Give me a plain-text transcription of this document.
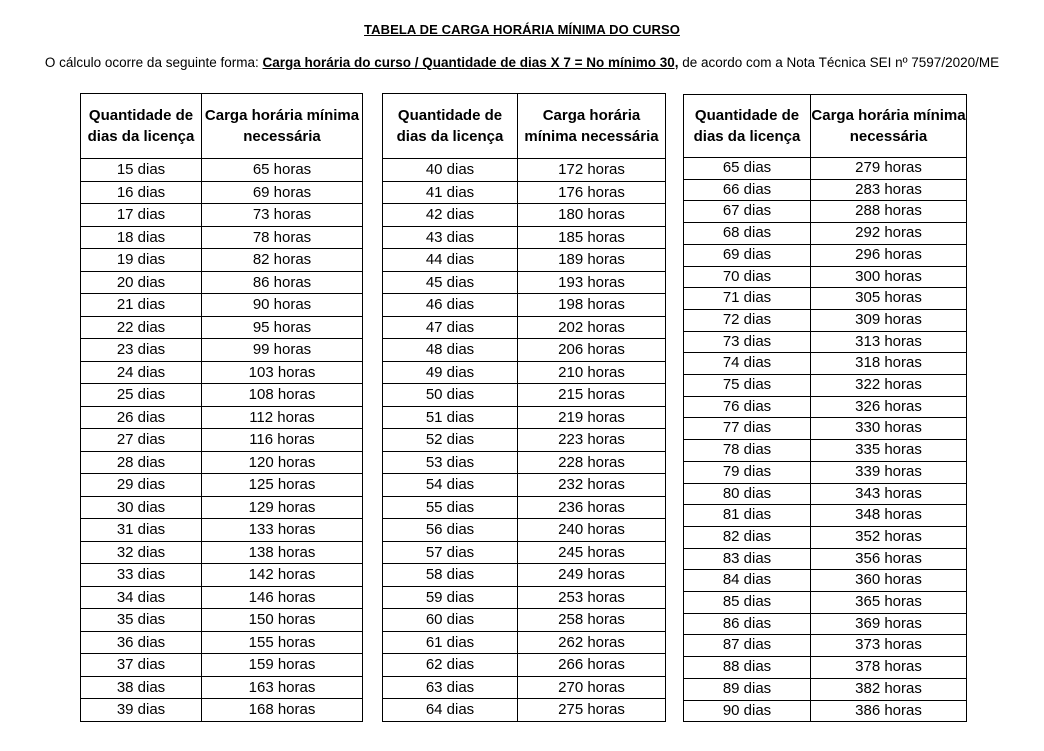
TABELA DE CARGA HORÁRIA MÍNIMA DO CURSO
O cálculo ocorre da seguinte forma: Carga horária do curso / Quantidade de dias X 7 = No mínimo 30, de acordo com a Nota Técnica SEI nº 7597/2020/ME
Quantidade de dias da licença	Carga horária mínima necessária
15 dias	65 horas
16 dias	69 horas
17 dias	73 horas
18 dias	78 horas
19 dias	82 horas
20 dias	86 horas
21 dias	90 horas
22 dias	95 horas
23 dias	99 horas
24 dias	103 horas
25 dias	108 horas
26 dias	112 horas
27 dias	116 horas
28 dias	120 horas
29 dias	125 horas
30 dias	129 horas
31 dias	133 horas
32 dias	138 horas
33 dias	142 horas
34 dias	146 horas
35 dias	150 horas
36 dias	155 horas
37 dias	159 horas
38 dias	163 horas
39 dias	168 horas
Quantidade de dias da licença	Carga horária mínima necessária
40 dias	172 horas
41 dias	176 horas
42 dias	180 horas
43 dias	185 horas
44 dias	189 horas
45 dias	193 horas
46 dias	198 horas
47 dias	202 horas
48 dias	206 horas
49 dias	210 horas
50 dias	215 horas
51 dias	219 horas
52 dias	223 horas
53 dias	228 horas
54 dias	232 horas
55 dias	236 horas
56 dias	240 horas
57 dias	245 horas
58 dias	249 horas
59 dias	253 horas
60 dias	258 horas
61 dias	262 horas
62 dias	266 horas
63 dias	270 horas
64 dias	275 horas
Quantidade de dias da licença	Carga horária mínima necessária
65 dias	279 horas
66 dias	283 horas
67 dias	288 horas
68 dias	292 horas
69 dias	296 horas
70 dias	300 horas
71 dias	305 horas
72 dias	309 horas
73 dias	313 horas
74 dias	318 horas
75 dias	322 horas
76 dias	326 horas
77 dias	330 horas
78 dias	335 horas
79 dias	339 horas
80 dias	343 horas
81 dias	348 horas
82 dias	352 horas
83 dias	356 horas
84 dias	360 horas
85 dias	365 horas
86 dias	369 horas
87 dias	373 horas
88 dias	378 horas
89 dias	382 horas
90 dias	386 horas
